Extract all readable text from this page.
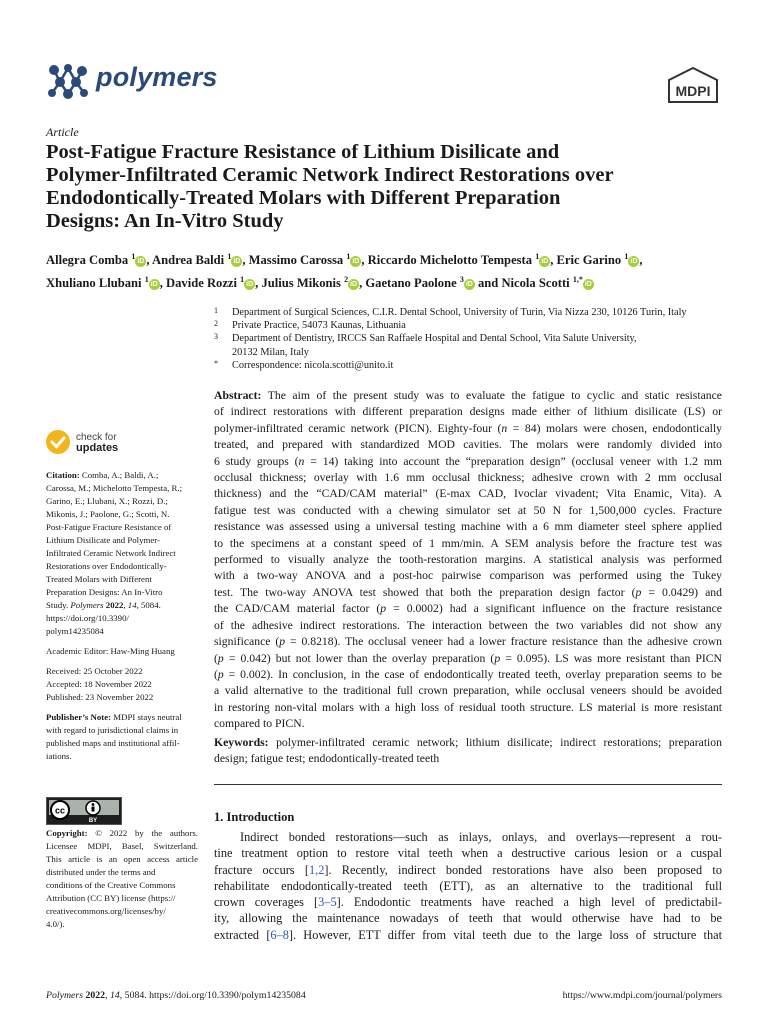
polymers	MDPI
Article
Post-Fatigue Fracture Resistance of Lithium Disilicate and
Polymer-Infiltrated Ceramic Network Indirect Restorations over
Endodontically-Treated Molars with Different Preparation
Designs: An In-Vitro Study
Allegra Comba $^1$iD , Andrea Baldi $^1$iD , Massimo Carossa $^1$iD , Riccardo Michelotto Tempesta $^1$iD , Eric Garino $^1$iD ,
Xhuliano Llubani $^1$iD , Davide Rozzi $^1$iD , Julius Mikonis $^2$iD , Gaetano Paolone $^3$iD and Nicola Scotti $^{1,*}$iD
1 Department of Surgical Sciences, C.I.R. Dental School, University of Turin, Via Nizza 230, 10126 Turin, Italy
2 Private Practice, 54073 Kaunas, Lithuania
3 Department of Dentistry, IRCCS San Raffaele Hospital and Dental School, Vita Salute University,
20132 Milan, Italy
* Correspondence: nicola.scotti@unito.it
Abstract: The aim of the present study was to evaluate the fatigue to cyclic and static resistance
of indirect restorations with different preparation designs made either of lithium disilicate (LS) or
polymer-infiltrated ceramic network (PICN). Eighty-four (n = 84) molars were chosen, endodontically
treated, and prepared with standardized MOD cavities. The molars were randomly divided into
6 study groups (n = 14) taking into account the “preparation design” (occlusal veneer with 1.2 mm
occlusal thickness; overlay with 1.6 mm occlusal thickness; adhesive crown with 2 mm occlusal
thickness) and the “CAD/CAM material” (E-max CAD, Ivoclar vivadent; Vita Enamic, Vita). A
fatigue test was conducted with a chewing simulator set at 50 N for 1,500,000 cycles. Fracture
resistance was assessed using a universal testing machine with a 6 mm diameter steel sphere applied
to the specimens at a constant speed of 1 mm/min. A SEM analysis before the fracture test was
performed to visually analyze the tooth-restoration margins. A statistical analysis was performed
with a two-way ANOVA and a post-hoc pairwise comparison was performed using the Tukey
test. The two-way ANOVA test showed that both the preparation design factor (p = 0.0429) and
the CAD/CAM material factor (p = 0.0002) had a significant influence on the fracture resistance
of the adhesive indirect restorations. The interaction between the two variables did not show any
significance (p = 0.8218). The occlusal veneer had a lower fracture resistance than the adhesive crown
(p = 0.042) but not lower than the overlay preparation (p = 0.095). LS was more resistant than PICN
(p = 0.002). In conclusion, in the case of endodontically treated teeth, overlay preparation seems to be
a valid alternative to the traditional full crown preparation, while occlusal veneers should be avoided
in restoring non-vital molars with a high loss of residual tooth structure. LS material is more resistant
compared to PICN.
Keywords: polymer-infiltrated ceramic network; lithium disilicate; indirect restorations; preparation
design; fatigue test; endodontically-treated teeth
1. Introduction
Indirect bonded restorations—such as inlays, onlays, and overlays—represent a rou-
tine treatment option to restore vital teeth when a destructive carious lesion or a cuspal
fracture occurs [1,2]. Recently, indirect bonded restorations have also been proposed to
rehabilitate endodontically-treated teeth (ETT), as an alternative to the traditional full
crown coverages [3–5]. Endodontic treatments have reached a high level of predictabil-
ity, allowing the maintenance nowadays of teeth that would otherwise have had to be
extracted [6–8]. However, ETT differ from vital teeth due to the large loss of structure that
check for
updates
Citation: Comba, A.; Baldi, A.;
Carossa, M.; Michelotto Tempesta, R.;
Garino, E.; Llubani, X.; Rozzi, D.;
Mikonis, J.; Paolone, G.; Scotti, N.
Post-Fatigue Fracture Resistance of
Lithium Disilicate and Polymer-
Infiltrated Ceramic Network Indirect
Restorations over Endodontically-
Treated Molars with Different
Preparation Designs: An In-Vitro
Study. Polymers 2022, 14, 5084.
https://doi.org/10.3390/
polym14235084
Academic Editor: Haw-Ming Huang
Received: 25 October 2022
Accepted: 18 November 2022
Published: 23 November 2022
Publisher’s Note: MDPI stays neutral
with regard to jurisdictional claims in
published maps and institutional affil-
iations.
cc
BY
Copyright: © 2022 by the authors.
Licensee MDPI, Basel, Switzerland.
This article is an open access article
distributed under the terms and
conditions of the Creative Commons
Attribution (CC BY) license (https://
creativecommons.org/licenses/by/
4.0/).
Polymers 2022, 14, 5084. https://doi.org/10.3390/polym14235084	https://www.mdpi.com/journal/polymers
